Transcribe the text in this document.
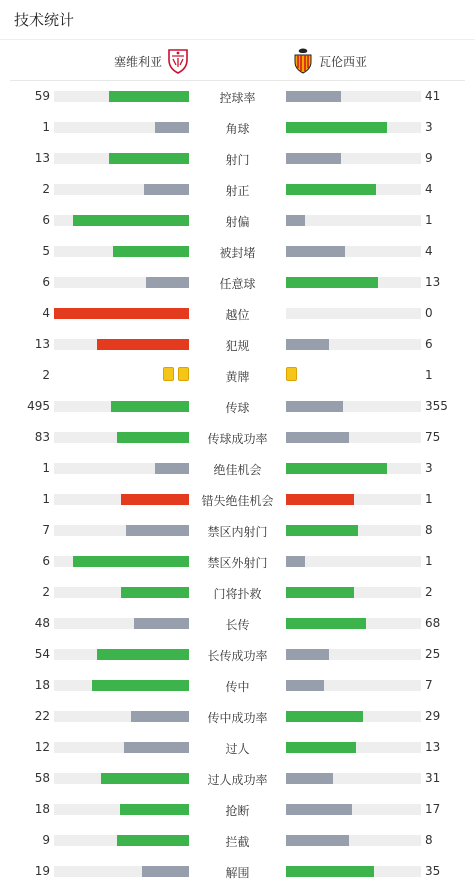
技术统计
塞维利亚	瓦伦西亚
59	控球率	41
1	角球	3
13	射门	9
2	射正	4
6	射偏	1
5	被封堵	4
6	任意球	13
4	越位	0
13	犯规	6
2	黄牌	1
495	传球	355
83	传球成功率	75
1	绝佳机会	3
1	错失绝佳机会	1
7	禁区内射门	8
6	禁区外射门	1
2	门将扑救	2
48	长传	68
54	长传成功率	25
18	传中	7
22	传中成功率	29
12	过人	13
58	过人成功率	31
18	抢断	17
9	拦截	8
19	解围	35
